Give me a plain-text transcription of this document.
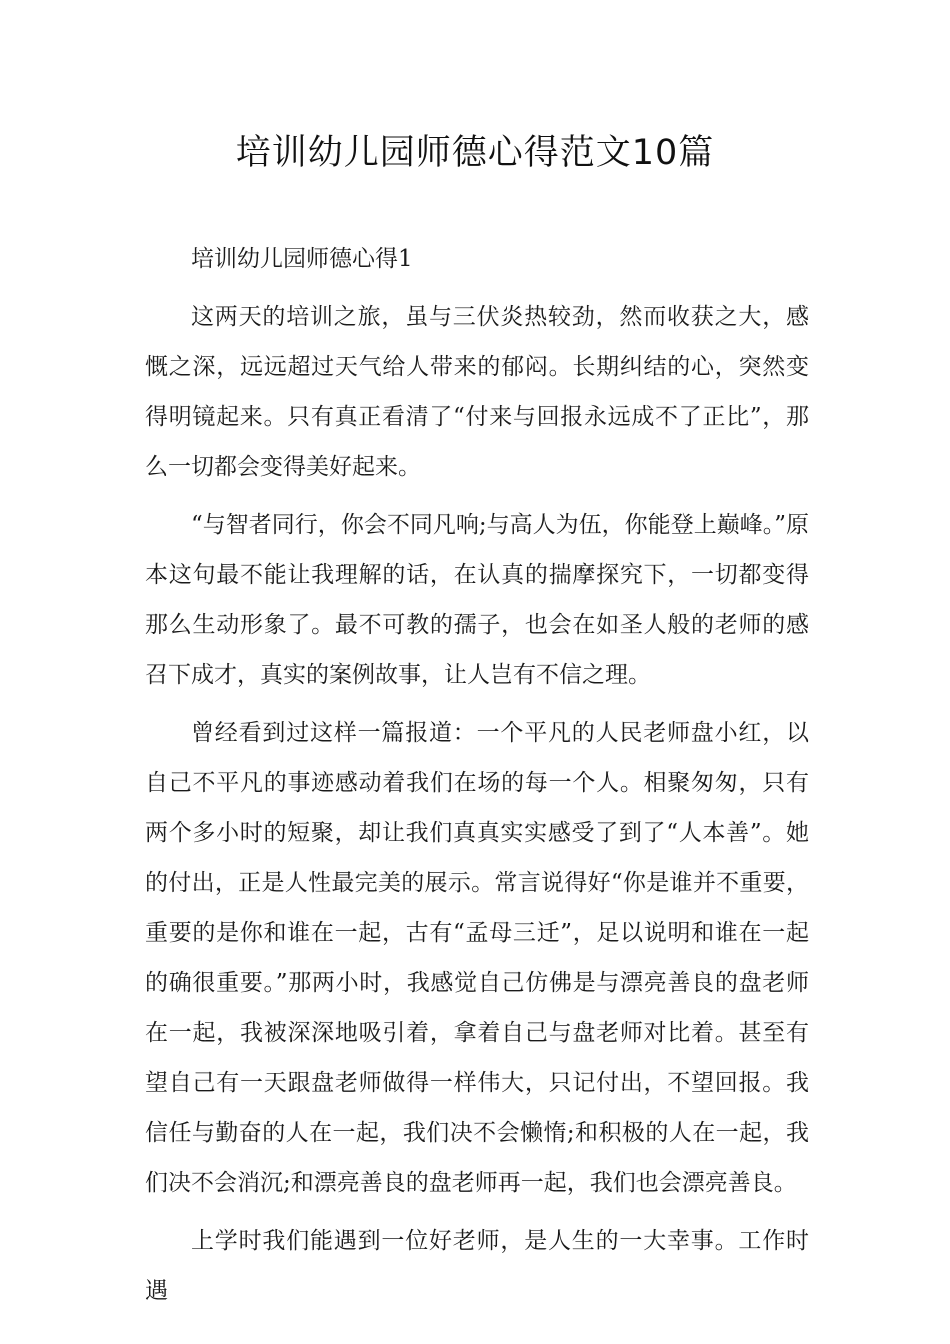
培训幼儿园师德心得范文10篇

培训幼儿园师德心得1

这两天的培训之旅，虽与三伏炎热较劲，然而收获之大，感慨之深，远远超过天气给人带来的郁闷。长期纠结的心，突然变得明镜起来。只有真正看清了“付来与回报永远成不了正比”，那么一切都会变得美好起来。

“与智者同行，你会不同凡响;与高人为伍，你能登上巅峰。”原本这句最不能让我理解的话，在认真的揣摩探究下，一切都变得那么生动形象了。最不可教的孺子，也会在如圣人般的老师的感召下成才，真实的案例故事，让人岂有不信之理。

曾经看到过这样一篇报道：一个平凡的人民老师盘小红，以自己不平凡的事迹感动着我们在场的每一个人。相聚匆匆，只有两个多小时的短聚，却让我们真真实实感受了到了“人本善”。她的付出，正是人性最完美的展示。常言说得好“你是谁并不重要，重要的是你和谁在一起，古有“孟母三迁”，足以说明和谁在一起的确很重要。”那两小时，我感觉自己仿佛是与漂亮善良的盘老师在一起，我被深深地吸引着，拿着自己与盘老师对比着。甚至有望自己有一天跟盘老师做得一样伟大，只记付出，不望回报。我信任与勤奋的人在一起，我们决不会懒惰;和积极的人在一起，我们决不会消沉;和漂亮善良的盘老师再一起，我们也会漂亮善良。

上学时我们能遇到一位好老师，是人生的一大幸事。工作时遇
